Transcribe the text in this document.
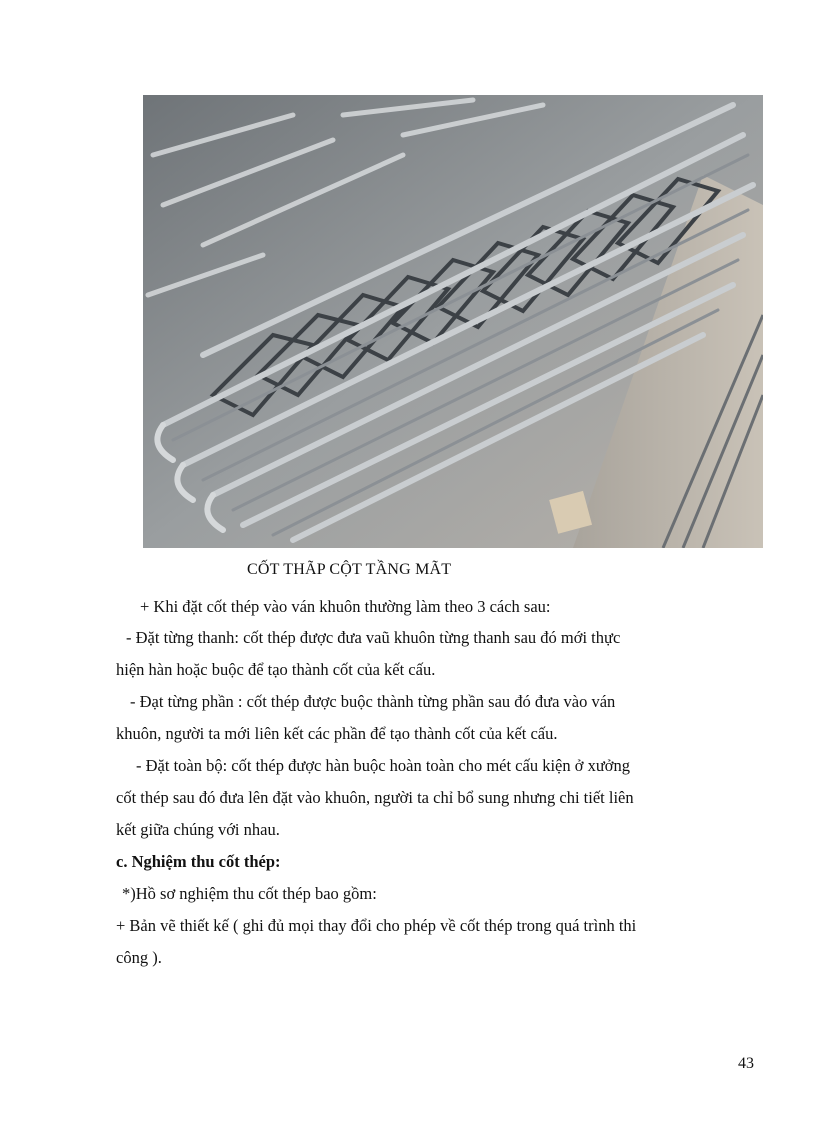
CỐT THÃP CỘT TẦNG MÃT
+ Khi đặt cốt thép vào ván khuôn thường làm theo 3 cách sau:
- Đặt từng thanh: cốt thép được đưa vaũ khuôn từng thanh sau đó mới thực
hiện hàn hoặc buộc để tạo thành cốt của kết cấu.
- Đạt từng phần : cốt thép được buộc thành từng phần sau đó đưa vào ván
khuôn, người ta mới liên kết các phần để tạo thành cốt của kết cấu.
- Đặt toàn bộ: cốt thép được hàn buộc hoàn toàn cho mét cấu kiện ở xưởng
cốt thép sau đó đưa lên đặt vào khuôn, người ta chỉ bổ sung nhưng chi tiết liên
kết giữa chúng với nhau.
c. Nghiệm thu cốt thép:
*)Hồ sơ nghiệm thu cốt thép bao gồm:
+ Bản vẽ thiết kế ( ghi đủ mọi thay đổi cho phép về cốt thép trong quá trình thi
công ).
43
